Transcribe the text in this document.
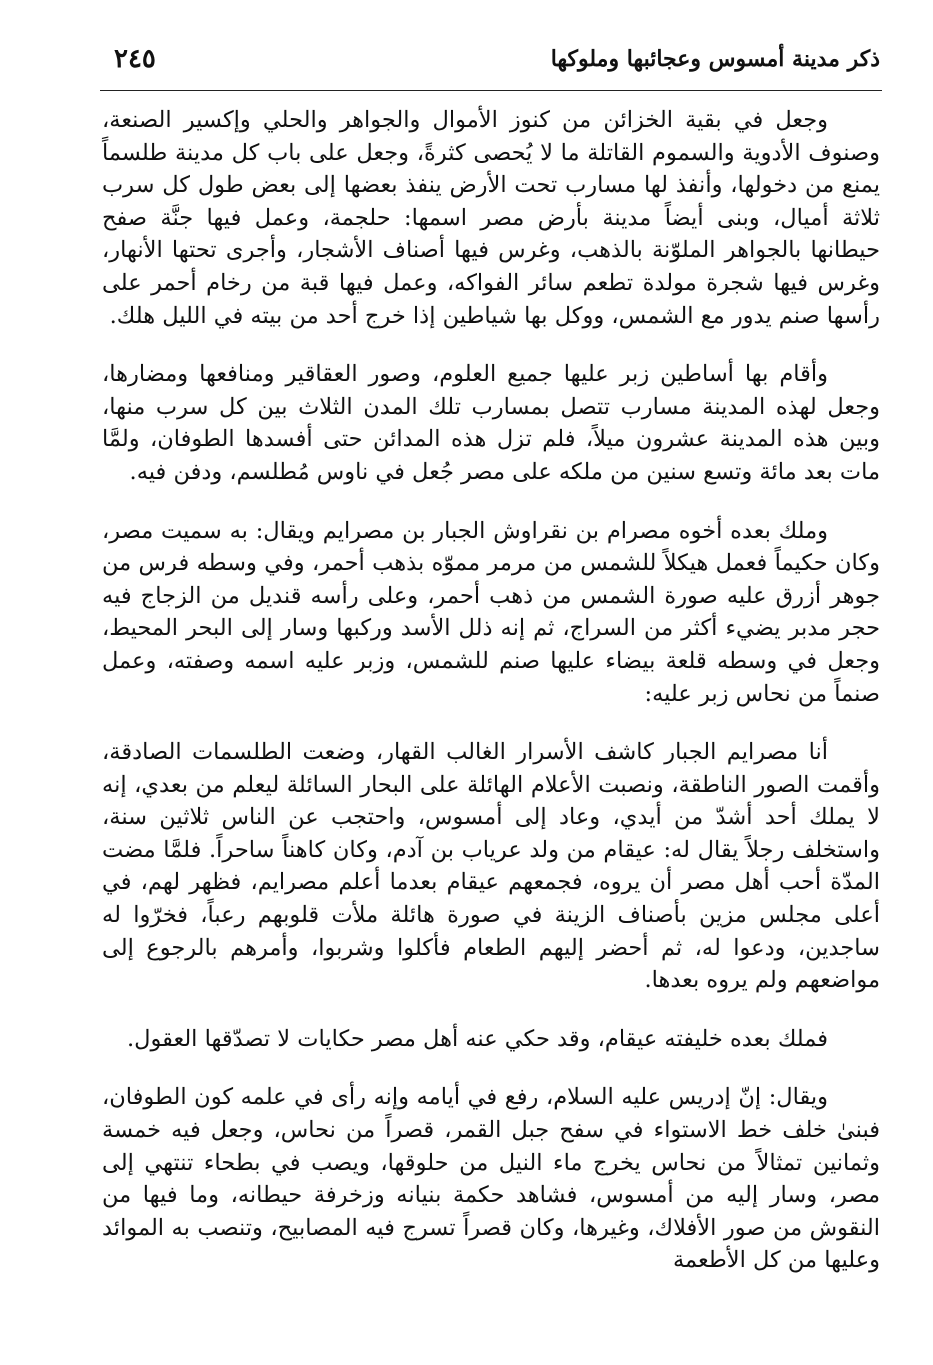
٢٤٥	ذكر مدينة أمسوس وعجائبها وملوكها

وجعل في بقية الخزائن من كنوز الأموال والجواهر والحلي وإكسير الصنعة، وصنوف الأدوية والسموم القاتلة ما لا يُحصى كثرةً، وجعل على باب كل مدينة طلسماً يمنع من دخولها، وأنفذ لها مسارب تحت الأرض ينفذ بعضها إلى بعض طول كل سرب ثلاثة أميال، وبنى أيضاً مدينة بأرض مصر اسمها: حلجمة، وعمل فيها جنَّة صفح حيطانها بالجواهر الملوّنة بالذهب، وغرس فيها أصناف الأشجار، وأجرى تحتها الأنهار، وغرس فيها شجرة مولدة تطعم سائر الفواكه، وعمل فيها قبة من رخام أحمر على رأسها صنم يدور مع الشمس، ووكل بها شياطين إذا خرج أحد من بيته في الليل هلك.

وأقام بها أساطين زبر عليها جميع العلوم، وصور العقاقير ومنافعها ومضارها، وجعل لهذه المدينة مسارب تتصل بمسارب تلك المدن الثلاث بين كل سرب منها، وبين هذه المدينة عشرون ميلاً، فلم تزل هذه المدائن حتى أفسدها الطوفان، ولمَّا مات بعد مائة وتسع سنين من ملكه على مصر جُعل في ناوس مُطلسم، ودفن فيه.

وملك بعده أخوه مصرام بن نقراوش الجبار بن مصرايم ويقال: به سميت مصر، وكان حكيماً فعمل هيكلاً للشمس من مرمر مموّه بذهب أحمر، وفي وسطه فرس من جوهر أزرق عليه صورة الشمس من ذهب أحمر، وعلى رأسه قنديل من الزجاج فيه حجر مدبر يضيء أكثر من السراج، ثم إنه ذلل الأسد وركبها وسار إلى البحر المحيط، وجعل في وسطه قلعة بيضاء عليها صنم للشمس، وزبر عليه اسمه وصفته، وعمل صنماً من نحاس زبر عليه:

أنا مصرايم الجبار كاشف الأسرار الغالب القهار، وضعت الطلسمات الصادقة، وأقمت الصور الناطقة، ونصبت الأعلام الهائلة على البحار السائلة ليعلم من بعدي، إنه لا يملك أحد أشدّ من أيدي، وعاد إلى أمسوس، واحتجب عن الناس ثلاثين سنة، واستخلف رجلاً يقال له: عيقام من ولد عرياب بن آدم، وكان كاهناً ساحراً. فلمَّا مضت المدّة أحب أهل مصر أن يروه، فجمعهم عيقام بعدما أعلم مصرايم، فظهر لهم، في أعلى مجلس مزين بأصناف الزينة في صورة هائلة ملأت قلوبهم رعباً، فخرّوا له ساجدين، ودعوا له، ثم أحضر إليهم الطعام فأكلوا وشربوا، وأمرهم بالرجوع إلى مواضعهم ولم يروه بعدها.

فملك بعده خليفته عيقام، وقد حكي عنه أهل مصر حكايات لا تصدّقها العقول.

ويقال: إنّ إدريس عليه السلام، رفع في أيامه وإنه رأى في علمه كون الطوفان، فبنىٰ خلف خط الاستواء في سفح جبل القمر، قصراً من نحاس، وجعل فيه خمسة وثمانين تمثالاً من نحاس يخرج ماء النيل من حلوقها، ويصب في بطحاء تنتهي إلى مصر، وسار إليه من أمسوس، فشاهد حكمة بنيانه وزخرفة حيطانه، وما فيها من النقوش من صور الأفلاك، وغيرها، وكان قصراً تسرج فيه المصابيح، وتنصب به الموائد وعليها من كل الأطعمة
